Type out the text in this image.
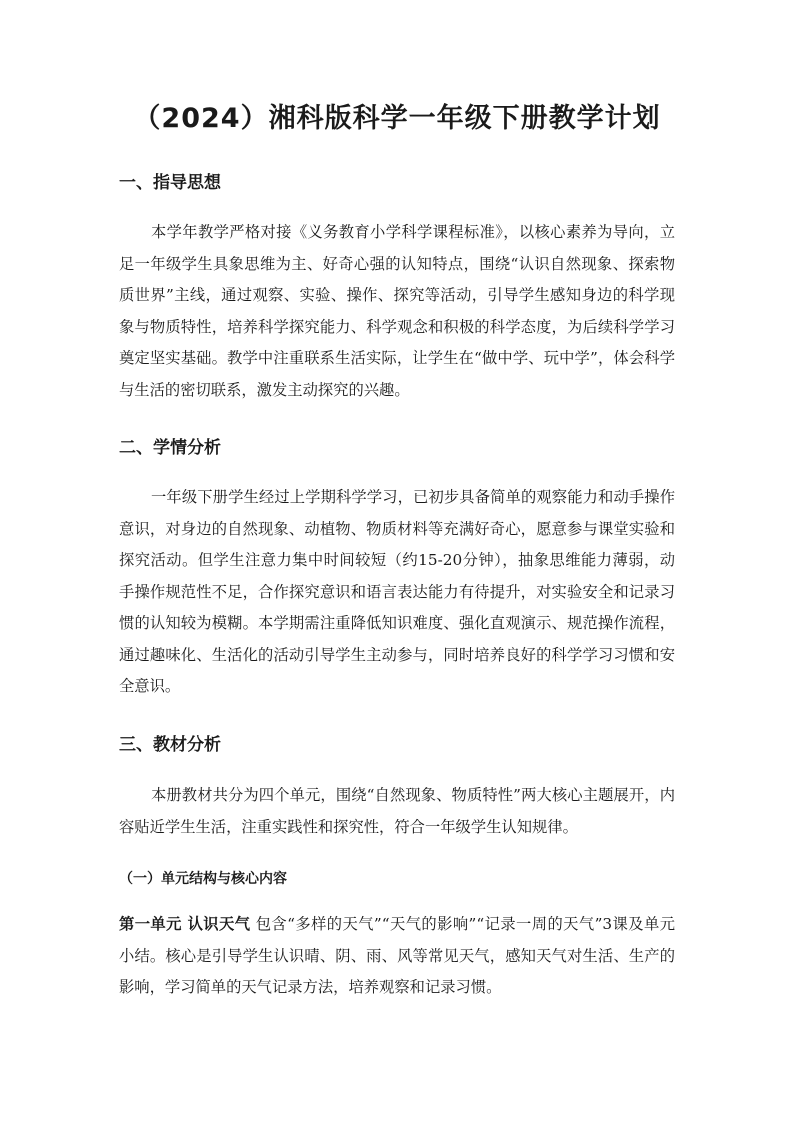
（2024）湘科版科学一年级下册教学计划
一、指导思想

本学年教学严格对接《义务教育小学科学课程标准》，以核心素养为导向，立足一年级学生具象思维为主、好奇心强的认知特点，围绕“认识自然现象、探索物质世界”主线，通过观察、实验、操作、探究等活动，引导学生感知身边的科学现象与物质特性，培养科学探究能力、科学观念和积极的科学态度，为后续科学学习奠定坚实基础。教学中注重联系生活实际，让学生在“做中学、玩中学”，体会科学与生活的密切联系，激发主动探究的兴趣。

二、学情分析

一年级下册学生经过上学期科学学习，已初步具备简单的观察能力和动手操作意识，对身边的自然现象、动植物、物质材料等充满好奇心，愿意参与课堂实验和探究活动。但学生注意力集中时间较短（约15-20分钟），抽象思维能力薄弱，动手操作规范性不足，合作探究意识和语言表达能力有待提升，对实验安全和记录习惯的认知较为模糊。本学期需注重降低知识难度、强化直观演示、规范操作流程，通过趣味化、生活化的活动引导学生主动参与，同时培养良好的科学学习习惯和安全意识。

三、教材分析

本册教材共分为四个单元，围绕“自然现象、物质特性”两大核心主题展开，内容贴近学生生活，注重实践性和探究性，符合一年级学生认知规律。

（一）单元结构与核心内容

第一单元 认识天气 包含“多样的天气”“天气的影响”“记录一周的天气”3课及单元小结。核心是引导学生认识晴、阴、雨、风等常见天气，感知天气对生活、生产的影响，学习简单的天气记录方法，培养观察和记录习惯。
